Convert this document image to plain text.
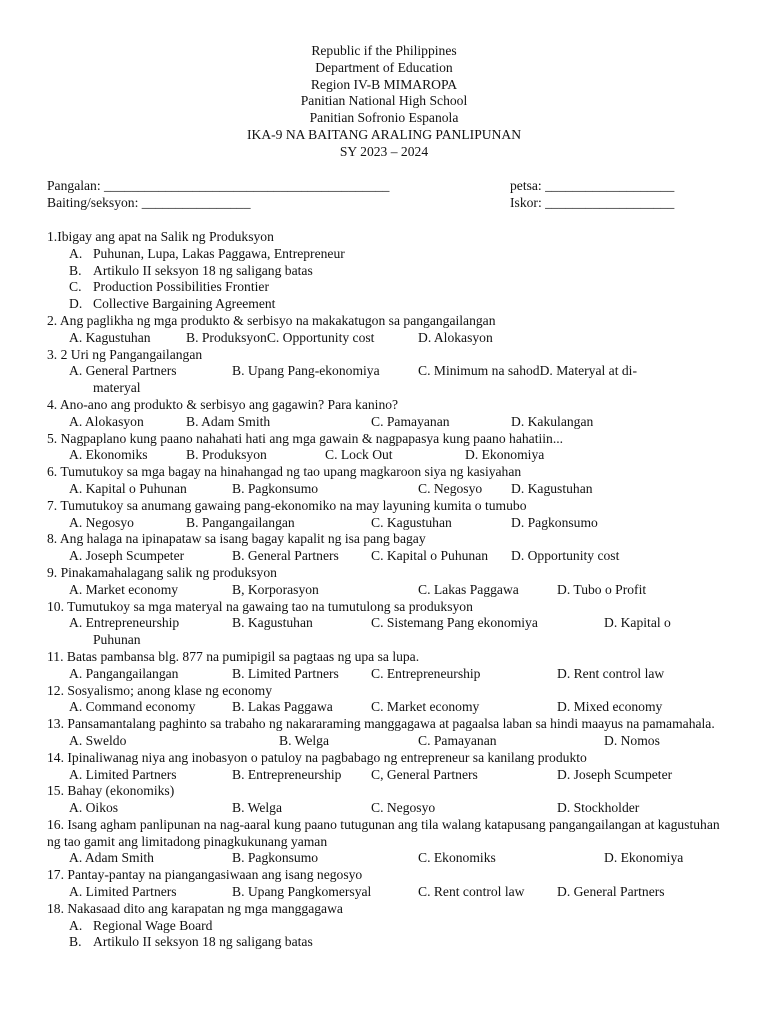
Republic if the Philippines
Department of Education
Region IV-B MIMAROPA
Panitian National High School
Panitian Sofronio Espanola
IKA-9 NA BAITANG ARALING PANLIPUNAN
SY 2023 – 2024
Pangalan: __________________________________________	petsa: ___________________
Baiting/seksyon: ________________	Iskor: ___________________
1.Ibigay ang apat na Salik ng Produksyon
A. Puhunan, Lupa, Lakas Paggawa, Entrepreneur
B. Artikulo II seksyon 18 ng saligang batas
C. Production Possibilities Frontier
D. Collective Bargaining Agreement
2. Ang paglikha ng mga produkto & serbisyo na makakatugon sa pangangailangan
A. Kagustuhan	B. ProduksyonC. Opportunity cost	D. Alokasyon
3. 2 Uri ng Pangangailangan
A. General Partners	B. Upang Pang-ekonomiya	C. Minimum na sahodD. Materyal at di-
materyal
4. Ano-ano ang produkto & serbisyo ang gagawin? Para kanino?
A. Alokasyon	B. Adam Smith	C. Pamayanan	D. Kakulangan
5. Nagpaplano kung paano nahahati hati ang mga gawain & nagpapasya kung paano hahatiin...
A. Ekonomiks	B. Produksyon	C. Lock Out	D. Ekonomiya
6. Tumutukoy sa mga bagay na hinahangad ng tao upang magkaroon siya ng kasiyahan
A. Kapital o Puhunan	B. Pagkonsumo	C. Negosyo D. Kagustuhan
7. Tumutukoy sa anumang gawaing pang-ekonomiko na may layuning kumita o tumubo
A. Negosyo	B. Pangangailangan	C. Kagustuhan	D. Pagkonsumo
8. Ang halaga na ipinapataw sa isang bagay kapalit ng isa pang bagay
A. Joseph Scumpeter	B. General Partners C. Kapital o Puhunan D. Opportunity cost
9. Pinakamahalagang salik ng produksyon
A. Market economy	B, Korporasyon	C. Lakas Paggawa	D. Tubo o Profit
10. Tumutukoy sa mga materyal na gawaing tao na tumutulong sa produksyon
A. Entrepreneurship	B. Kagustuhan	C. Sistemang Pang ekonomiya	D. Kapital o
Puhunan
11. Batas pambansa blg. 877 na pumipigil sa pagtaas ng upa sa lupa.
A. Pangangailangan	B. Limited Partners C. Entrepreneurship	D. Rent control law
12. Sosyalismo; anong klase ng economy
A. Command economy	B. Lakas Paggawa	C. Market economy	D. Mixed economy
13. Pansamantalang paghinto sa trabaho ng nakararaming manggagawa at pagaalsa laban sa hindi maayus na pamamahala.
A. Sweldo	B. Welga	C. Pamayanan	D. Nomos
14. Ipinaliwanag niya ang inobasyon o patuloy na pagbabago ng entrepreneur sa kanilang produkto
A. Limited Partners	B. Entrepreneurship C, General Partners	D. Joseph Scumpeter
15. Bahay (ekonomiks)
A. Oikos	B. Welga	C. Negosyo	D. Stockholder
16. Isang agham panlipunan na nag-aaral kung paano tutugunan ang tila walang katapusang pangangailangan at kagustuhan ng tao gamit ang limitadong pinagkukunang yaman
A. Adam Smith	B. Pagkonsumo	C. Ekonomiks	D. Ekonomiya
17. Pantay-pantay na piangangasiwaan ang isang negosyo
A. Limited Partners	B. Upang Pangkomersyal	C. Rent control law D. General Partners
18. Nakasaad dito ang karapatan ng mga manggagawa
A. Regional Wage Board
B. Artikulo II seksyon 18 ng saligang batas
